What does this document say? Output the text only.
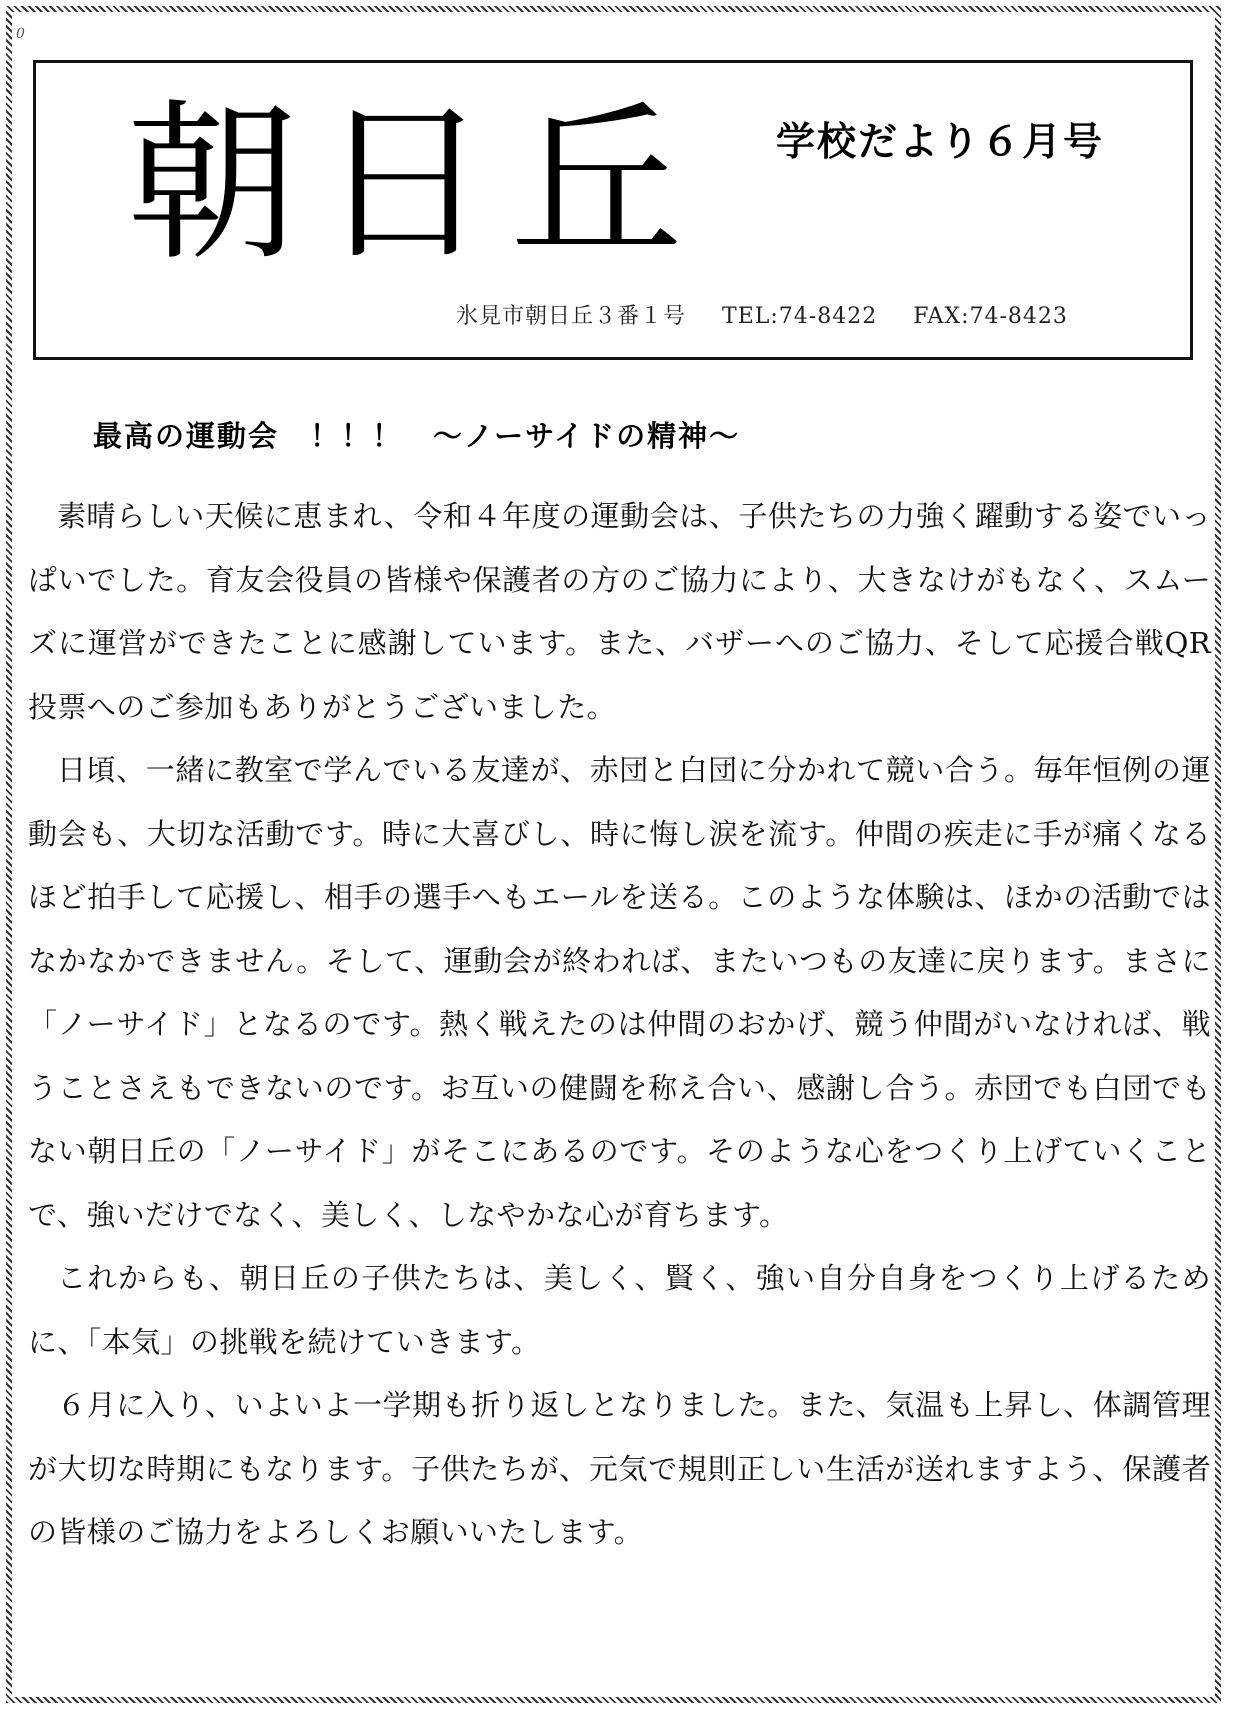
0
朝日丘 学校だより６月号
氷見市朝日丘３番１号 TEL:74-8422 FAX:74-8423
最高の運動会　！！！ ～ノーサイドの精神～

素晴らしい天候に恵まれ、令和４年度の運動会は、子供たちの力強く躍動する姿でいっぱいでした。育友会役員の皆様や保護者の方のご協力により、大きなけがもなく、スムーズに運営ができたことに感謝しています。また、バザーへのご協力、そして応援合戦QR投票へのご参加もありがとうございました。

日頃、一緒に教室で学んでいる友達が、赤団と白団に分かれて競い合う。毎年恒例の運動会も、大切な活動です。時に大喜びし、時に悔し涙を流す。仲間の疾走に手が痛くなるほど拍手して応援し、相手の選手へもエールを送る。このような体験は、ほかの活動ではなかなかできません。そして、運動会が終われば、またいつもの友達に戻ります。まさに「ノーサイド」となるのです。熱く戦えたのは仲間のおかげ、競う仲間がいなければ、戦うことさえもできないのです。お互いの健闘を称え合い、感謝し合う。赤団でも白団でもない朝日丘の「ノーサイド」がそこにあるのです。そのような心をつくり上げていくことで、強いだけでなく、美しく、しなやかな心が育ちます。

これからも、朝日丘の子供たちは、美しく、賢く、強い自分自身をつくり上げるために、「本気」の挑戦を続けていきます。

６月に入り、いよいよ一学期も折り返しとなりました。また、気温も上昇し、体調管理が大切な時期にもなります。子供たちが、元気で規則正しい生活が送れますよう、保護者の皆様のご協力をよろしくお願いいたします。
